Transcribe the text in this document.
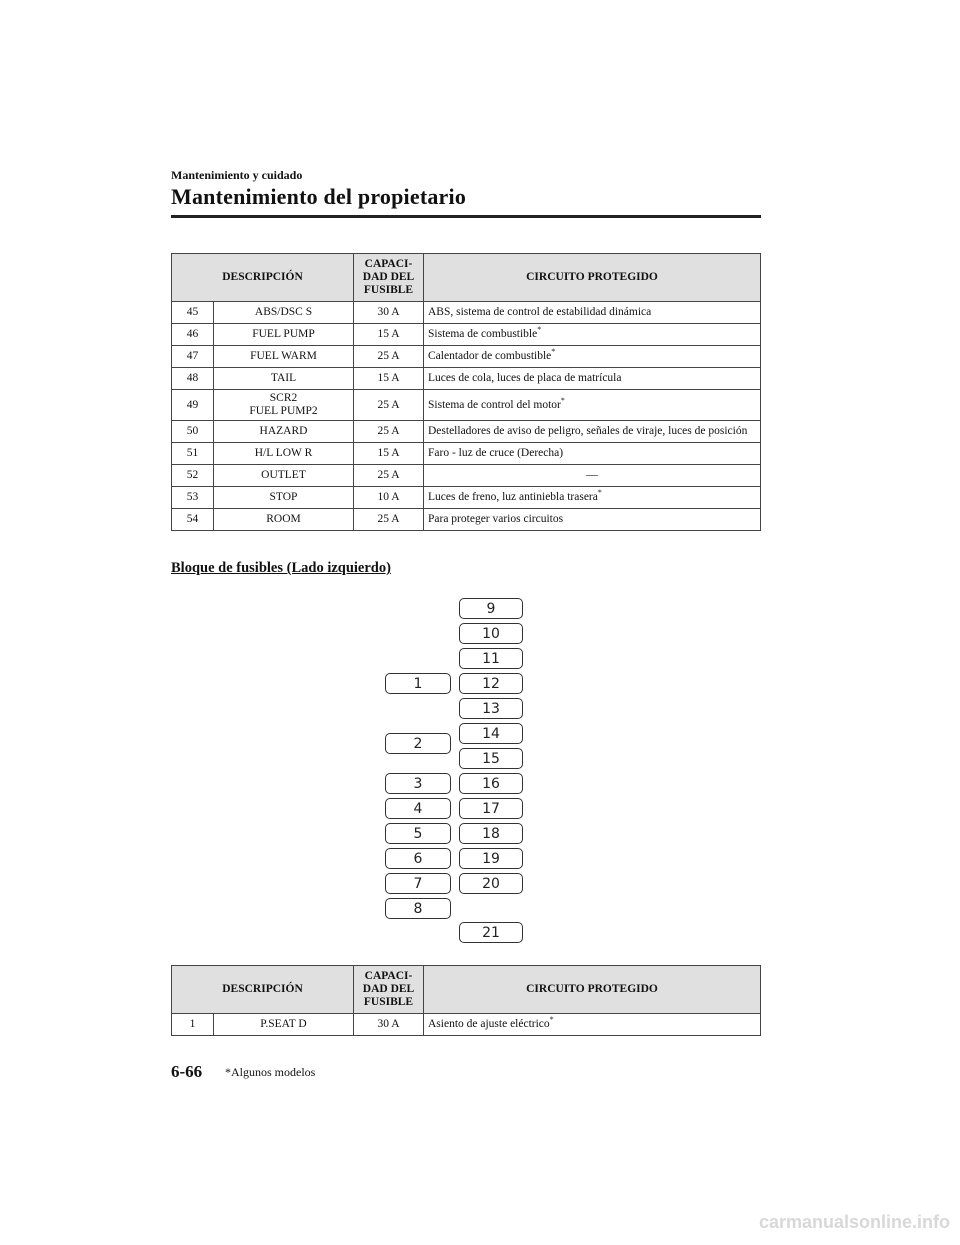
Mantenimiento y cuidado
Mantenimiento del propietario
DESCRIPCIÓN		CAPACI-
DAD DEL
FUSIBLE	CIRCUITO PROTEGIDO
45	ABS/DSC S	30 A	ABS, sistema de control de estabilidad dinámica
46	FUEL PUMP	15 A	Sistema de combustible*
47	FUEL WARM	25 A	Calentador de combustible*
48	TAIL	15 A	Luces de cola, luces de placa de matrícula
49	SCR2
FUEL PUMP2	25 A	Sistema de control del motor*
50	HAZARD	25 A	Destelladores de aviso de peligro, señales de viraje, luces de posición
51	H/L LOW R	15 A	Faro - luz de cruce (Derecha)
52	OUTLET	25 A	—
53	STOP	10 A	Luces de freno, luz antiniebla trasera*
54	ROOM	25 A	Para proteger varios circuitos
Bloque de fusibles (Lado izquierdo)
9
10
11
12
13
14
15
16
17
18
19
20
21
1
2
3
4
5
6
7
8
DESCRIPCIÓN		CAPACI-
DAD DEL
FUSIBLE	CIRCUITO PROTEGIDO
1	P.SEAT D	30 A	Asiento de ajuste eléctrico*
6-66 *Algunos modelos
carmanualsonline.info
